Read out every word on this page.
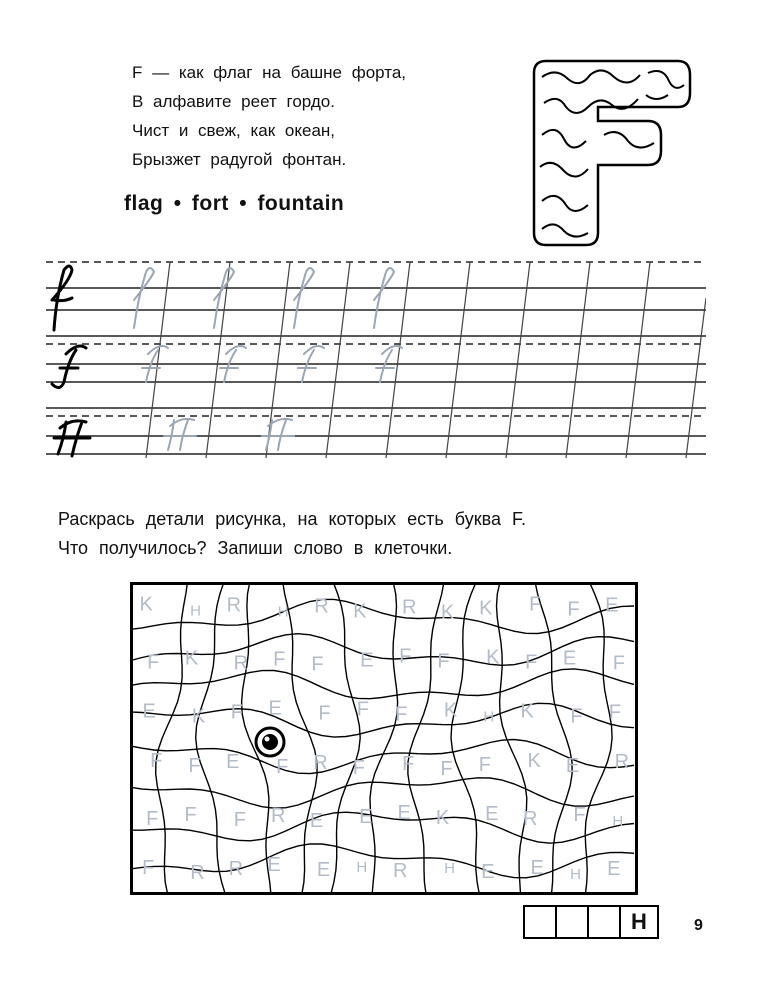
F — как флаг на башне форта,
В алфавите реет гордо.
Чист и свеж, как океан,
Брызжет радугой фонтан.
flag • fort • fountain
Раскрась детали рисунка, на которых есть буква F.
Что получилось? Запиши слово в клеточки.
K H R H R K R K K F F E
F K R F F E F F K F E F
E K F E F F F K H K F F
F F E F R F F F F K E R
F F F R E E E K E R F H
F R R E E H R H E E H E
H	9
